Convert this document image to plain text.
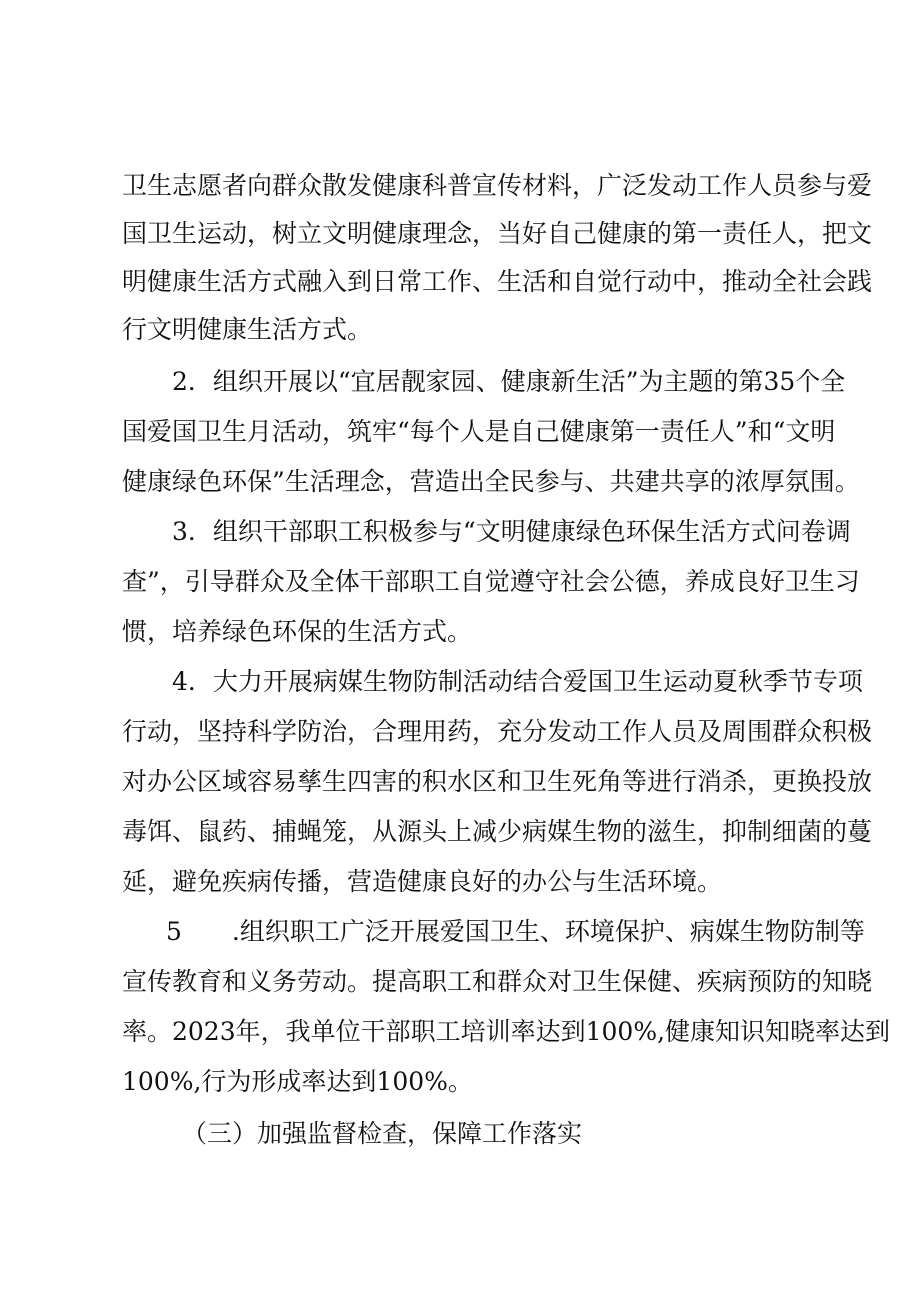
卫生志愿者向群众散发健康科普宣传材料，广泛发动工作人员参与爱
国卫生运动，树立文明健康理念，当好自己健康的第一责任人，把文
明健康生活方式融入到日常工作、生活和自觉行动中，推动全社会践
行文明健康生活方式。
2．组织开展以“宜居靓家园、健康新生活”为主题的第35个全
国爱国卫生月活动，筑牢“每个人是自己健康第一责任人”和“文明
健康绿色环保”生活理念，营造出全民参与、共建共享的浓厚氛围。
3．组织干部职工积极参与“文明健康绿色环保生活方式问卷调
查”，引导群众及全体干部职工自觉遵守社会公德，养成良好卫生习
惯，培养绿色环保的生活方式。
4．大力开展病媒生物防制活动结合爱国卫生运动夏秋季节专项
行动，坚持科学防治，合理用药，充分发动工作人员及周围群众积极
对办公区域容易孳生四害的积水区和卫生死角等进行消杀，更换投放
毒饵、鼠药、捕蝇笼，从源头上减少病媒生物的滋生，抑制细菌的蔓
延，避免疾病传播，营造健康良好的办公与生活环境。
5　　.组织职工广泛开展爱国卫生、环境保护、病媒生物防制等
宣传教育和义务劳动。提高职工和群众对卫生保健、疾病预防的知晓
率。2023年，我单位干部职工培训率达到100%,健康知识知晓率达到
100%,行为形成率达到100%。
（三）加强监督检查，保障工作落实
